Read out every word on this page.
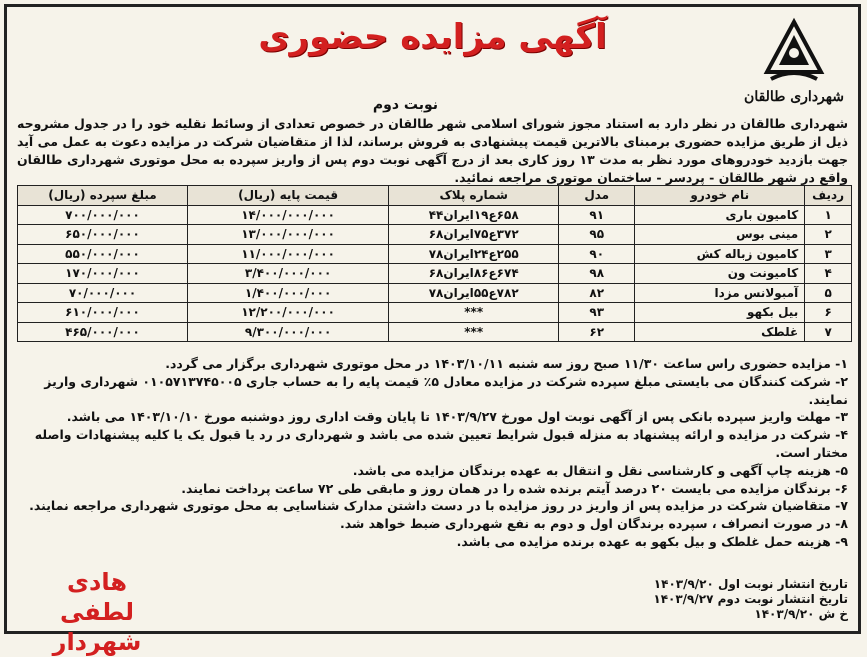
شهرداری طالقان
آگهی مزایده حضوری
نوبت دوم
شهرداری طالقان در نظر دارد به استناد مجوز شورای اسلامی شهر طالقان در خصوص تعدادی از وسائط نقلیه خود را در جدول مشروحه ذیل از طریق مزایده حضوری برمبنای بالاترین قیمت پیشنهادی به فروش برساند، لذا از متقاضیان شرکت در مزایده دعوت به عمل می آید جهت بازدید خودروهای مورد نظر به مدت ۱۳ روز کاری بعد از درج آگهی نوبت دوم پس از واریز سپرده به محل موتوری شهرداری طالقان واقع در شهر طالقان - پردسر - ساختمان موتوری مراجعه نمائید.
ردیف	نام خودرو	مدل	شماره پلاک	قیمت پایه (ریال)	مبلغ سپرده (ریال)
۱	کامیون باری	۹۱	۶۵۸ع۱۹ایران۴۴	۱۴/۰۰۰/۰۰۰/۰۰۰	۷۰۰/۰۰۰/۰۰۰
۲	مینی بوس	۹۵	۳۷۲ع۷۵ایران۶۸	۱۳/۰۰۰/۰۰۰/۰۰۰	۶۵۰/۰۰۰/۰۰۰
۳	کامیون زباله کش	۹۰	۲۵۵ع۲۴ایران۷۸	۱۱/۰۰۰/۰۰۰/۰۰۰	۵۵۰/۰۰۰/۰۰۰
۴	کامیونت ون	۹۸	۶۷۴ع۸۶ایران۶۸	۳/۴۰۰/۰۰۰/۰۰۰	۱۷۰/۰۰۰/۰۰۰
۵	آمبولانس مزدا	۸۲	۷۸۲ع۵۵ایران۷۸	۱/۴۰۰/۰۰۰/۰۰۰	۷۰/۰۰۰/۰۰۰
۶	بیل بکهو	۹۳	***	۱۲/۲۰۰/۰۰۰/۰۰۰	۶۱۰/۰۰۰/۰۰۰
۷	غلطک	۶۲	***	۹/۳۰۰/۰۰۰/۰۰۰	۴۶۵/۰۰۰/۰۰۰

۱- مزایده حضوری راس ساعت ۱۱/۳۰ صبح روز سه شنبه ۱۴۰۳/۱۰/۱۱ در محل موتوری شهرداری برگزار می گردد.

۲- شرکت کنندگان می بایستی مبلغ سپرده شرکت در مزایده معادل ۵٪ قیمت پایه را به حساب جاری ۰۱۰۵۷۱۳۷۴۵۰۰۵ شهرداری واریز نمایند.

۳- مهلت واریز سپرده بانکی پس از آگهی نوبت اول مورخ ۱۴۰۳/۹/۲۷ تا پایان وقت اداری روز دوشنبه مورخ ۱۴۰۳/۱۰/۱۰ می باشد.

۴- شرکت در مزایده و ارائه پیشنهاد به منزله قبول شرایط تعیین شده می باشد و شهرداری در رد یا قبول یک یا کلیه پیشنهادات واصله مختار است.

۵- هزینه چاپ آگهی و کارشناسی نقل و انتقال به عهده برندگان مزایده می باشد.

۶- برندگان مزایده می بایست ۲۰ درصد آیتم برنده شده را در همان روز و مابقی طی ۷۲ ساعت پرداخت نمایند.

۷- متقاضیان شرکت در مزایده پس از واریز در روز مزایده با در دست داشتن مدارک شناسایی به محل موتوری شهرداری مراجعه نمایند.

۸- در صورت انصراف ، سپرده برندگان اول و دوم به نفع شهرداری ضبط خواهد شد.

۹- هزینه حمل غلطک و بیل بکهو به عهده برنده مزایده می باشد.

تاریخ انتشار نوبت اول ۱۴۰۳/۹/۲۰
تاریخ انتشار نوبت دوم ۱۴۰۳/۹/۲۷
خ ش ۱۴۰۳/۹/۲۰
هادی لطفی
شهردار
